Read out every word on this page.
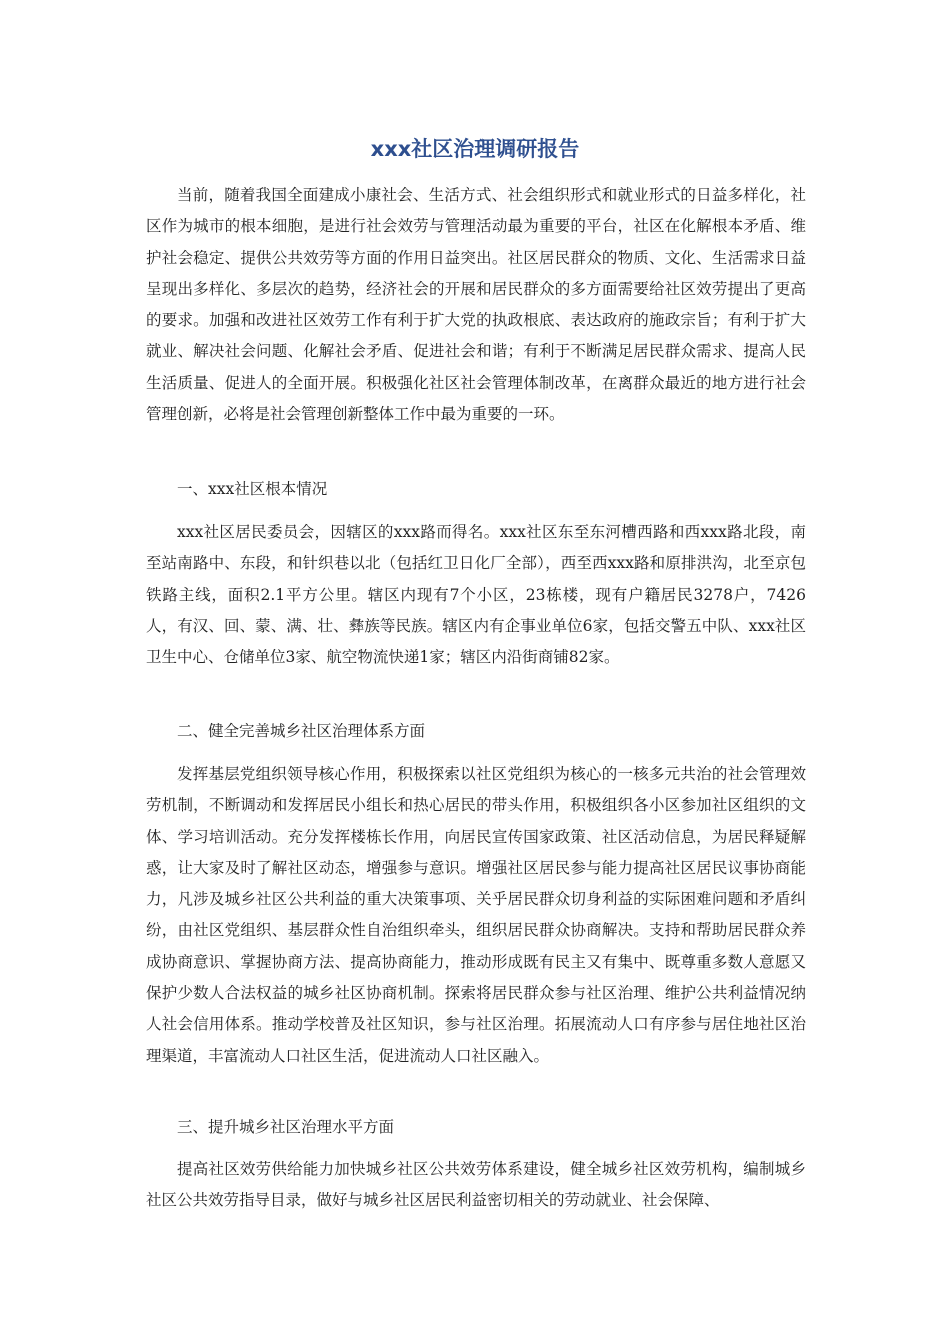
xxx社区治理调研报告

当前，随着我国全面建成小康社会、生活方式、社会组织形式和就业形式的日益多样化，社区作为城市的根本细胞，是进行社会效劳与管理活动最为重要的平台，社区在化解根本矛盾、维护社会稳定、提供公共效劳等方面的作用日益突出。社区居民群众的物质、文化、生活需求日益呈现出多样化、多层次的趋势，经济社会的开展和居民群众的多方面需要给社区效劳提出了更高的要求。加强和改进社区效劳工作有利于扩大党的执政根底、表达政府的施政宗旨；有利于扩大就业、解决社会问题、化解社会矛盾、促进社会和谐；有利于不断满足居民群众需求、提高人民生活质量、促进人的全面开展。积极强化社区社会管理体制改革，在离群众最近的地方进行社会管理创新，必将是社会管理创新整体工作中最为重要的一环。

一、xxx社区根本情况

xxx社区居民委员会，因辖区的xxx路而得名。xxx社区东至东河槽西路和西xxx路北段，南至站南路中、东段，和针织巷以北（包括红卫日化厂全部），西至西xxx路和原排洪沟，北至京包铁路主线，面积2.1平方公里。辖区内现有7个小区，23栋楼，现有户籍居民3278户，7426人，有汉、回、蒙、满、壮、彝族等民族。辖区内有企事业单位6家，包括交警五中队、xxx社区卫生中心、仓储单位3家、航空物流快递1家；辖区内沿街商铺82家。

二、健全完善城乡社区治理体系方面

发挥基层党组织领导核心作用，积极探索以社区党组织为核心的一核多元共治的社会管理效劳机制，不断调动和发挥居民小组长和热心居民的带头作用，积极组织各小区参加社区组织的文体、学习培训活动。充分发挥楼栋长作用，向居民宣传国家政策、社区活动信息，为居民释疑解惑，让大家及时了解社区动态，增强参与意识。增强社区居民参与能力提高社区居民议事协商能力，凡涉及城乡社区公共利益的重大决策事项、关乎居民群众切身利益的实际困难问题和矛盾纠纷，由社区党组织、基层群众性自治组织牵头，组织居民群众协商解决。支持和帮助居民群众养成协商意识、掌握协商方法、提高协商能力，推动形成既有民主又有集中、既尊重多数人意愿又保护少数人合法权益的城乡社区协商机制。探索将居民群众参与社区治理、维护公共利益情况纳人社会信用体系。推动学校普及社区知识，参与社区治理。拓展流动人口有序参与居住地社区治理渠道，丰富流动人口社区生活，促进流动人口社区融入。

三、提升城乡社区治理水平方面

提高社区效劳供给能力加快城乡社区公共效劳体系建设，健全城乡社区效劳机构，编制城乡社区公共效劳指导目录，做好与城乡社区居民利益密切相关的劳动就业、社会保障、
